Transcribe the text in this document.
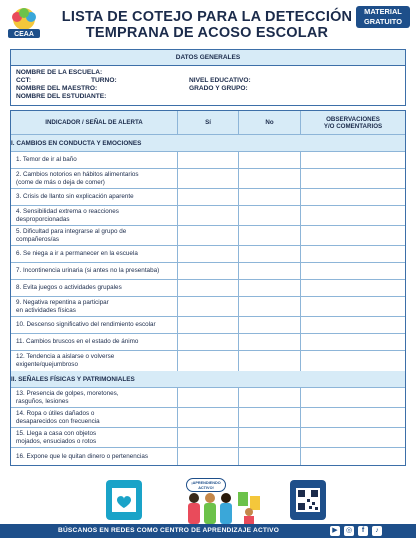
CEAA
LISTA DE COTEJO PARA LA DETECCIÓN
TEMPRANA DE ACOSO ESCOLAR
MATERIAL
GRATUITO
DATOS GENERALES
NOMBRE DE LA ESCUELA:
CCT:	TURNO:	NIVEL EDUCATIVO:
NOMBRE DEL MAESTRO:	GRADO Y GRUPO:
NOMBRE DEL ESTUDIANTE:
INDICADOR / SEÑAL DE ALERTA	Sí	No	OBSERVACIONES
Y/O COMENTARIOS
I. CAMBIOS EN CONDUCTA Y EMOCIONES
1. Temor de ir al baño
2. Cambios notorios en hábitos alimentarios
(come de más o deja de comer)
3. Crisis de llanto sin explicación aparente
4. Sensibilidad extrema o reacciones
desproporcionadas
5. Dificultad para integrarse al grupo de
compañeros/as
6. Se niega a ir a permanecer en la escuela
7. Incontinencia urinaria (si antes no la presentaba)
8. Evita juegos o actividades grupales
9. Negativa repentina a participar
en actividades físicas
10. Descenso significativo del rendimiento escolar
11. Cambios bruscos en el estado de ánimo
12. Tendencia a aislarse o volverse
exigente/quejumbroso
II. SEÑALES FÍSICAS Y PATRIMONIALES
13. Presencia de golpes, moretones,
rasguños, lesiones
14. Ropa o útiles dañados o
desaparecidos con frecuencia
15. Llega a casa con objetos
mojados, ensuciados o rotos
16. Expone que le quitan dinero o pertenencias
¡APRENDIENDO
ACTIVO!
BÚSCANOS EN REDES COMO CENTRO DE APRENDIZAJE ACTIVO	▶	◎	f	♪
